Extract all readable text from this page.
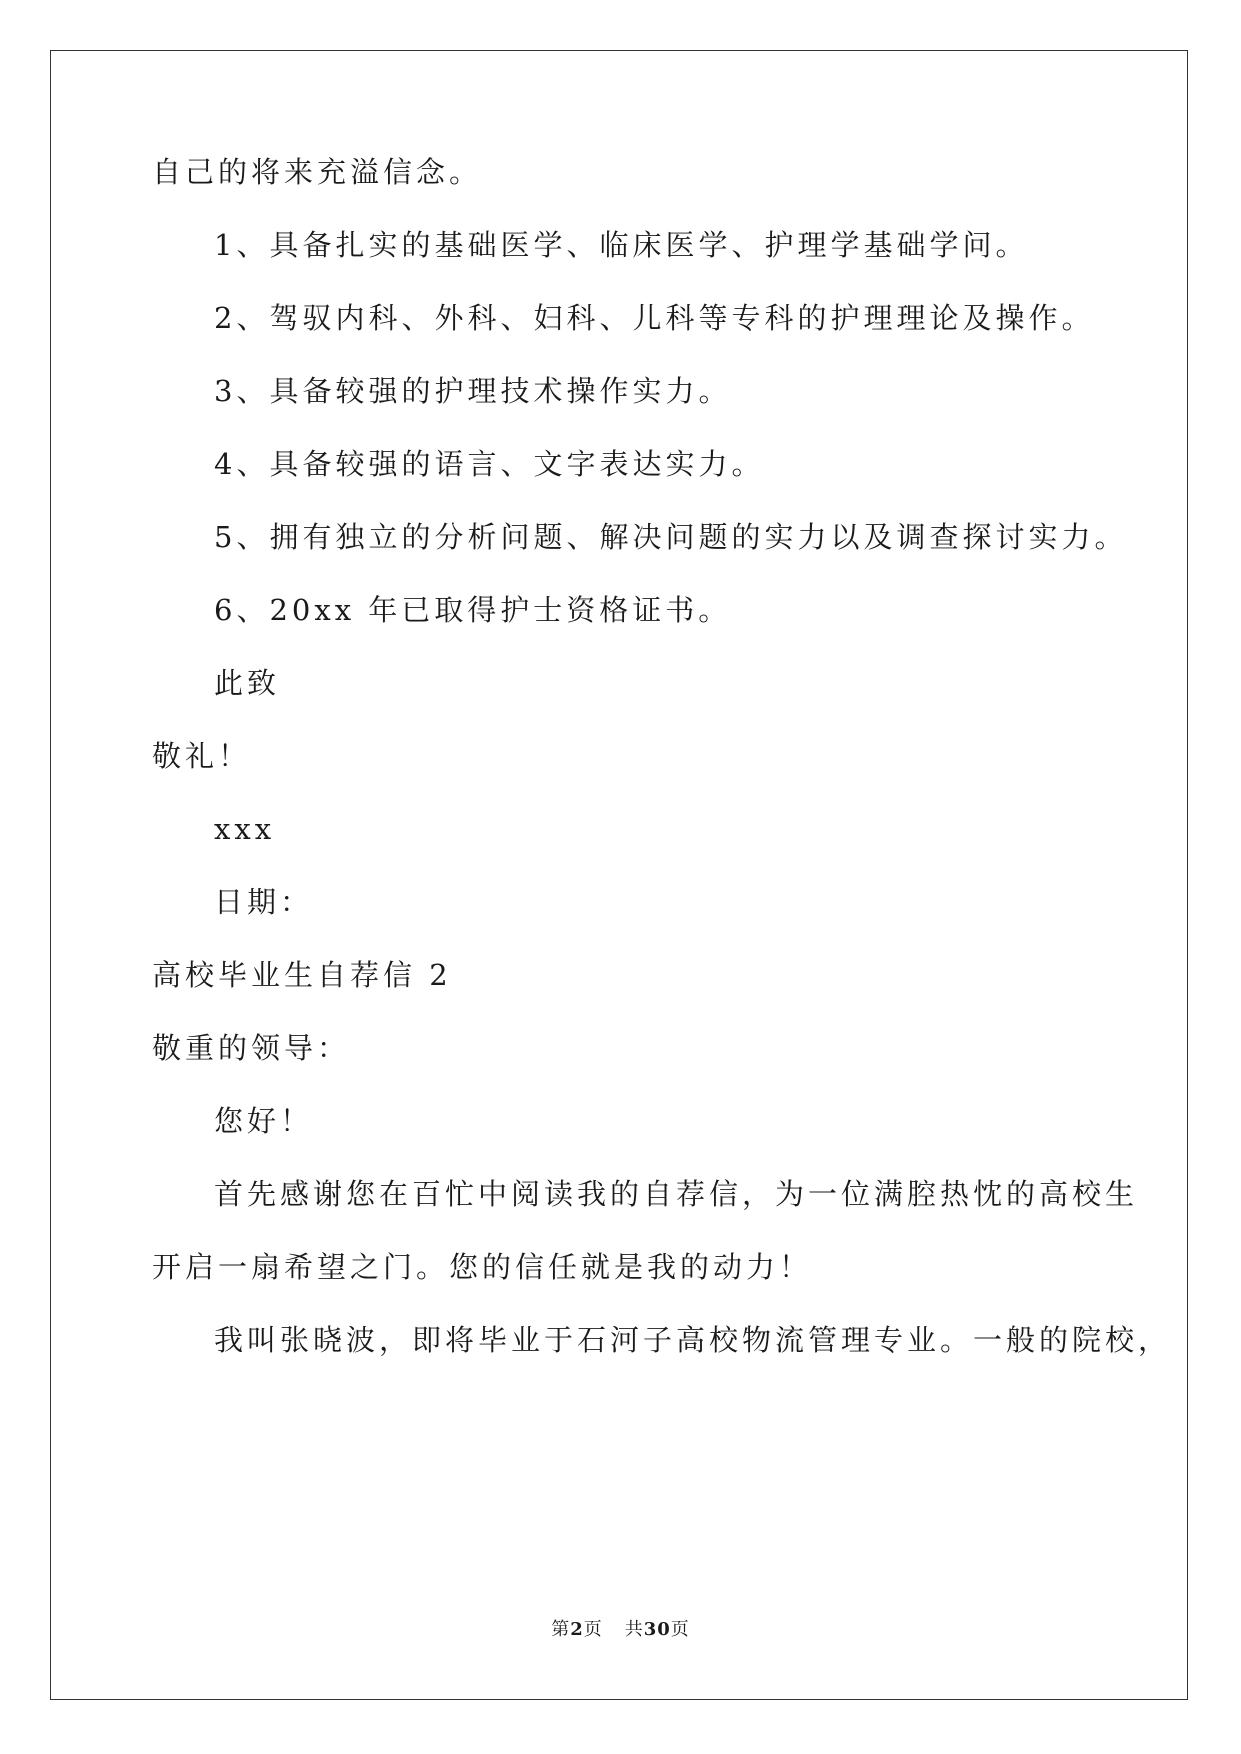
自己的将来充溢信念。

1、具备扎实的基础医学、临床医学、护理学基础学问。

2、驾驭内科、外科、妇科、儿科等专科的护理理论及操作。

3、具备较强的护理技术操作实力。

4、具备较强的语言、文字表达实力。

5、拥有独立的分析问题、解决问题的实力以及调查探讨实力。

6、20xx 年已取得护士资格证书。

此致

敬礼！

xxx

日期：

高校毕业生自荐信 2

敬重的领导：

您好！

首先感谢您在百忙中阅读我的自荐信，为一位满腔热忱的高校生

开启一扇希望之门。您的信任就是我的动力！

我叫张晓波，即将毕业于石河子高校物流管理专业。一般的院校，

第2页 共30页
